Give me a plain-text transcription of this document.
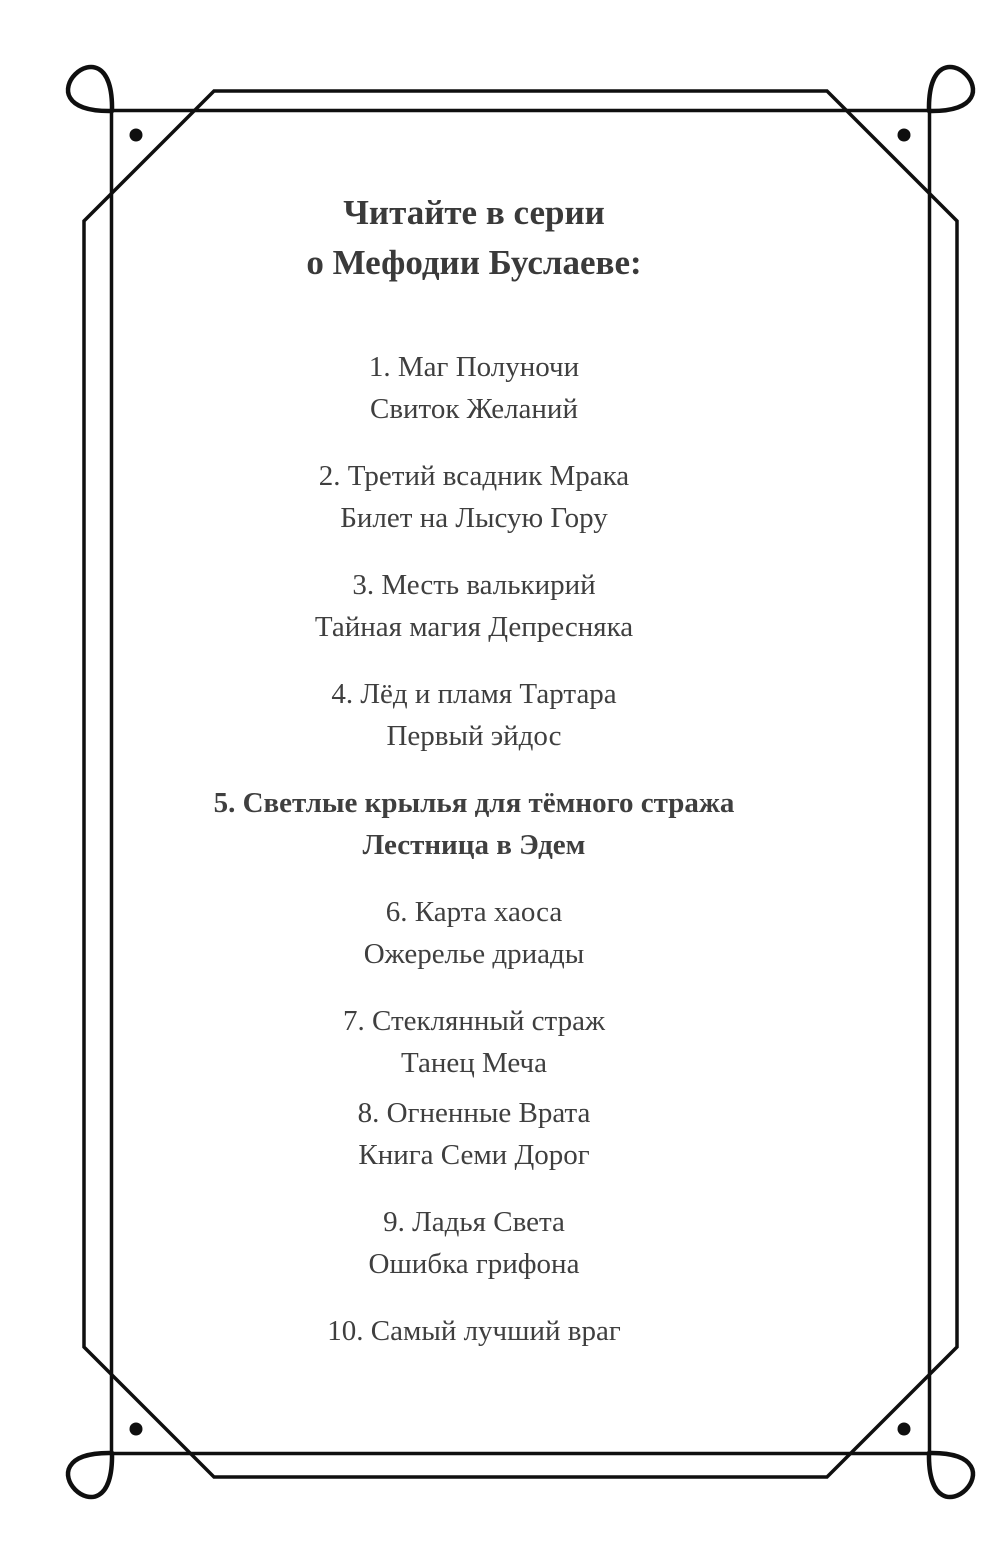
Читайте в серии
о Мефодии Буслаеве:
1. Маг Полуночи
Свиток Желаний
2. Третий всадник Мрака
Билет на Лысую Гору
3. Месть валькирий
Тайная магия Депресняка
4. Лёд и пламя Тартара
Первый эйдос
5. Светлые крылья для тёмного стража
Лестница в Эдем
6. Карта хаоса
Ожерелье дриады
7. Стеклянный страж
Танец Меча
8. Огненные Врата
Книга Семи Дорог
9. Ладья Света
Ошибка грифона
10. Самый лучший враг
